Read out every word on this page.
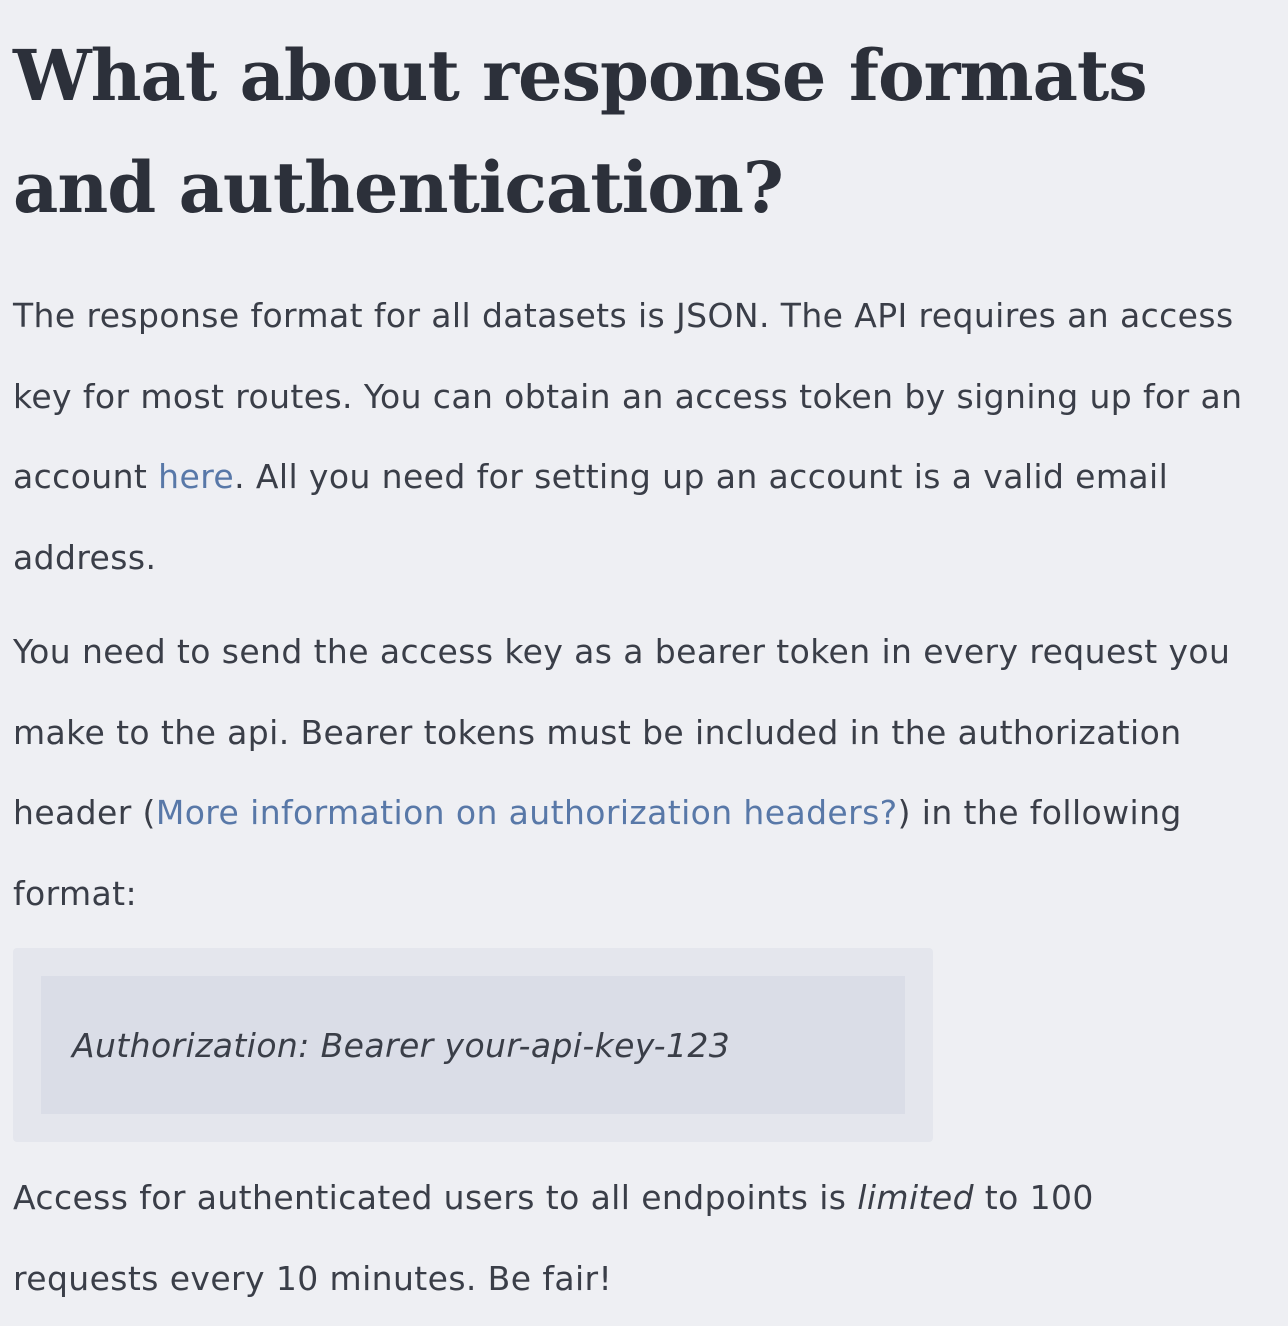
What about response formats and authentication?

The response format for all datasets is JSON. The API requires an access key for most routes. You can obtain an access token by signing up for an account here. All you need for setting up an account is a valid email address.

You need to send the access key as a bearer token in every request you make to the api. Bearer tokens must be included in the authorization header (More information on authorization headers?) in the following format:

Authorization: Bearer your-api-key-123

Access for authenticated users to all endpoints is limited to 100 requests every 10 minutes. Be fair!
